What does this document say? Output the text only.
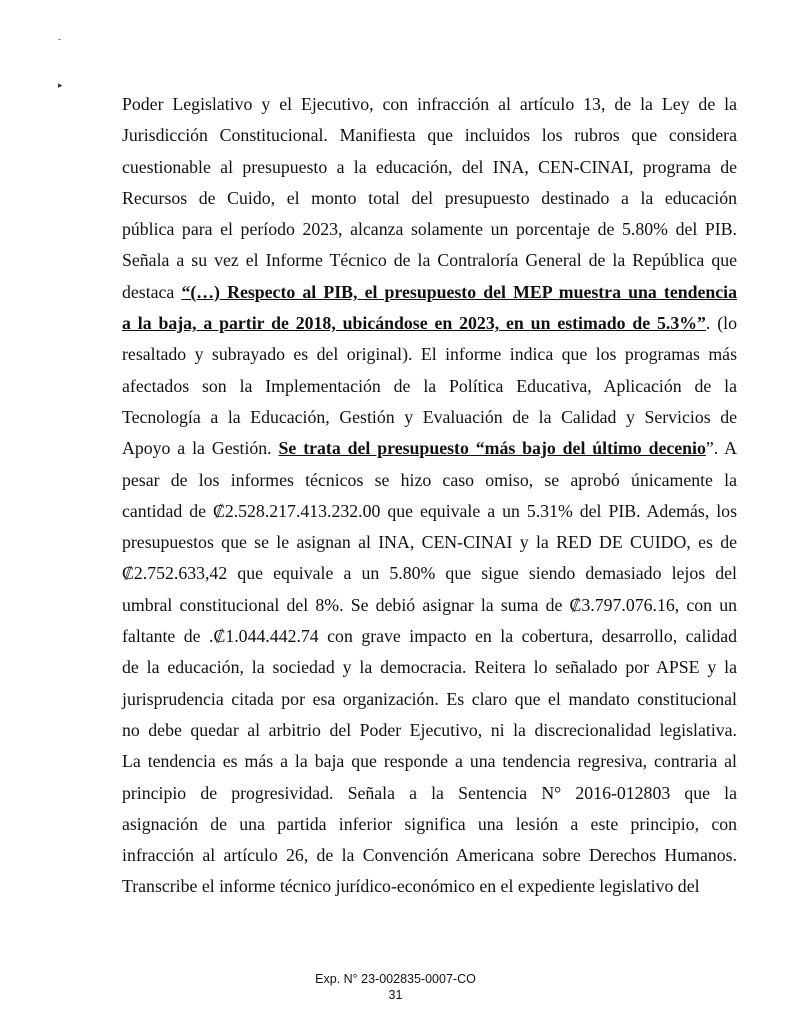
-
▸
Poder Legislativo y el Ejecutivo, con infracción al artículo 13, de la Ley de la
Jurisdicción Constitucional. Manifiesta que incluidos los rubros que considera
cuestionable al presupuesto a la educación, del INA, CEN-CINAI, programa de
Recursos de Cuido, el monto total del presupuesto destinado a la educación
pública para el período 2023, alcanza solamente un porcentaje de 5.80% del PIB.
Señala a su vez el Informe Técnico de la Contraloría General de la República que
destaca “(…) Respecto al PIB, el presupuesto del MEP muestra una tendencia
a la baja, a partir de 2018, ubicándose en 2023, en un estimado de 5.3%”. (lo
resaltado y subrayado es del original). El informe indica que los programas más
afectados son la Implementación de la Política Educativa, Aplicación de la
Tecnología a la Educación, Gestión y Evaluación de la Calidad y Servicios de
Apoyo a la Gestión. Se trata del presupuesto “más bajo del último decenio”. A
pesar de los informes técnicos se hizo caso omiso, se aprobó únicamente la
cantidad de ₡2.528.217.413.232.00 que equivale a un 5.31% del PIB. Además, los
presupuestos que se le asignan al INA, CEN-CINAI y la RED DE CUIDO, es de
₡2.752.633,42 que equivale a un 5.80% que sigue siendo demasiado lejos del
umbral constitucional del 8%. Se debió asignar la suma de ₡3.797.076.16, con un
faltante de .₡1.044.442.74 con grave impacto en la cobertura, desarrollo, calidad
de la educación, la sociedad y la democracia. Reitera lo señalado por APSE y la
jurisprudencia citada por esa organización. Es claro que el mandato constitucional
no debe quedar al arbitrio del Poder Ejecutivo, ni la discrecionalidad legislativa.
La tendencia es más a la baja que responde a una tendencia regresiva, contraria al
principio de progresividad. Señala a la Sentencia N° 2016-012803 que la
asignación de una partida inferior significa una lesión a este principio, con
infracción al artículo 26, de la Convención Americana sobre Derechos Humanos.
Transcribe el informe técnico jurídico-económico en el expediente legislativo del
Exp. N° 23-002835-0007-CO
31
